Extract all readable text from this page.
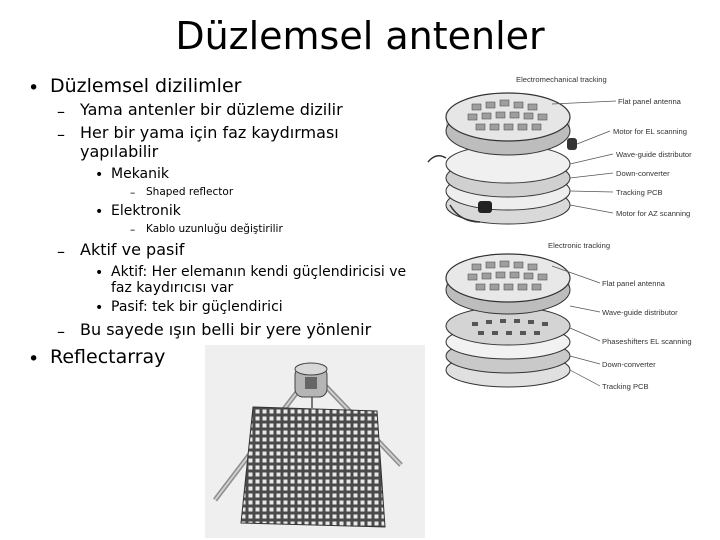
Düzlemsel antenler
• Düzlemsel dizilimler
– Yama antenler bir düzleme dizilir
– Her bir yama için faz kaydırması
yapılabilir
• Mekanik
– Shaped reflector
• Elektronik
– Kablo uzunluğu değiştirilir
– Aktif ve pasif
• Aktif: Her elemanın kendi güçlendiricisi ve
faz kaydırıcısı var
• Pasif: tek bir güçlendirici
– Bu sayede ışın belli bir yere yönlenir
• Reflectarray
Electromechanical tracking
Flat panel antenna
Motor for EL scanning
Wave-guide distributor
Down-converter
Tracking PCB
Motor for AZ scanning
Electronic tracking
Flat panel antenna
Wave-guide distributor
Phaseshifters EL scanning
Down-converter
Tracking PCB
